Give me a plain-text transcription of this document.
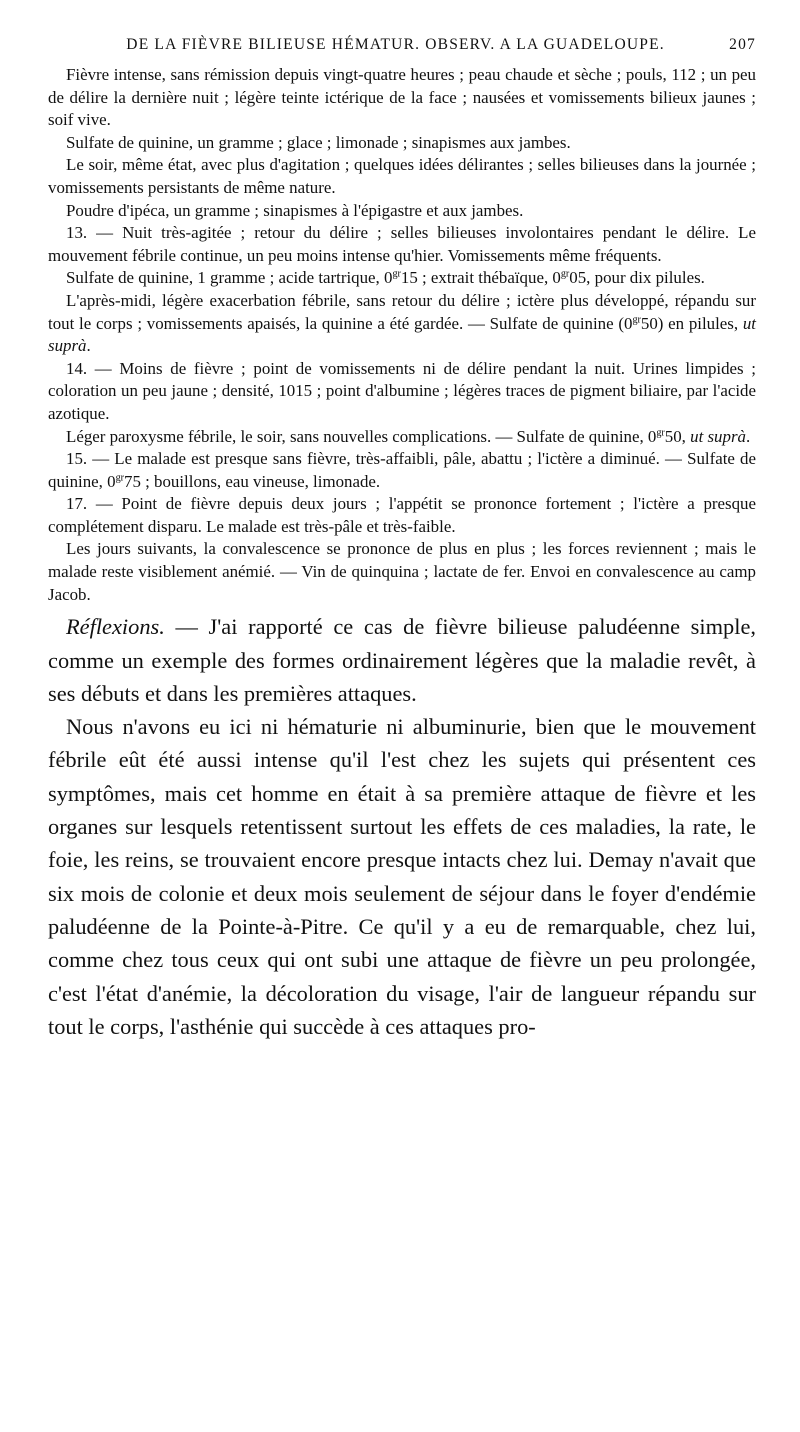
DE LA FIÈVRE BILIEUSE HÉMATUR. OBSERV. A LA GUADELOUPE.	207

Fièvre intense, sans rémission depuis vingt-quatre heures ; peau chaude et sèche ; pouls, 112 ; un peu de délire la dernière nuit ; légère teinte ictérique de la face ; nausées et vomissements bilieux jaunes ; soif vive.

Sulfate de quinine, un gramme ; glace ; limonade ; sinapismes aux jambes.

Le soir, même état, avec plus d'agitation ; quelques idées délirantes ; selles bilieuses dans la journée ; vomissements persistants de même nature.

Poudre d'ipéca, un gramme ; sinapismes à l'épigastre et aux jambes.

13. — Nuit très-agitée ; retour du délire ; selles bilieuses involontaires pendant le délire. Le mouvement fébrile continue, un peu moins intense qu'hier. Vomissements même fréquents.

Sulfate de quinine, 1 gramme ; acide tartrique, $0^{gr}15$ ; extrait thébaïque, $0^{gr}05$, pour dix pilules.

L'après-midi, légère exacerbation fébrile, sans retour du délire ; ictère plus développé, répandu sur tout le corps ; vomissements apaisés, la quinine a été gardée. — Sulfate de quinine $(0^{gr}50)$ en pilules, ut suprà.

14. — Moins de fièvre ; point de vomissements ni de délire pendant la nuit. Urines limpides ; coloration un peu jaune ; densité, 1015 ; point d'albumine ; légères traces de pigment biliaire, par l'acide azotique.

Léger paroxysme fébrile, le soir, sans nouvelles complications. — Sulfate de quinine, $0^{gr}50$, ut suprà.

15. — Le malade est presque sans fièvre, très-affaibli, pâle, abattu ; l'ictère a diminué. — Sulfate de quinine, $0^{gr}75$ ; bouillons, eau vineuse, limonade.

17. — Point de fièvre depuis deux jours ; l'appétit se prononce fortement ; l'ictère a presque complétement disparu. Le malade est très-pâle et très-faible.

Les jours suivants, la convalescence se prononce de plus en plus ; les forces reviennent ; mais le malade reste visiblement anémié. — Vin de quinquina ; lactate de fer. Envoi en convalescence au camp Jacob.

Réflexions. — J'ai rapporté ce cas de fièvre bilieuse paludéenne simple, comme un exemple des formes ordinairement légères que la maladie revêt, à ses débuts et dans les premières attaques.

Nous n'avons eu ici ni hématurie ni albuminurie, bien que le mouvement fébrile eût été aussi intense qu'il l'est chez les sujets qui présentent ces symptômes, mais cet homme en était à sa première attaque de fièvre et les organes sur lesquels retentissent surtout les effets de ces maladies, la rate, le foie, les reins, se trouvaient encore presque intacts chez lui. Demay n'avait que six mois de colonie et deux mois seulement de séjour dans le foyer d'endémie paludéenne de la Pointe-à-Pitre. Ce qu'il y a eu de remarquable, chez lui, comme chez tous ceux qui ont subi une attaque de fièvre un peu prolongée, c'est l'état d'anémie, la décoloration du visage, l'air de langueur répandu sur tout le corps, l'asthénie qui succède à ces attaques pro-
